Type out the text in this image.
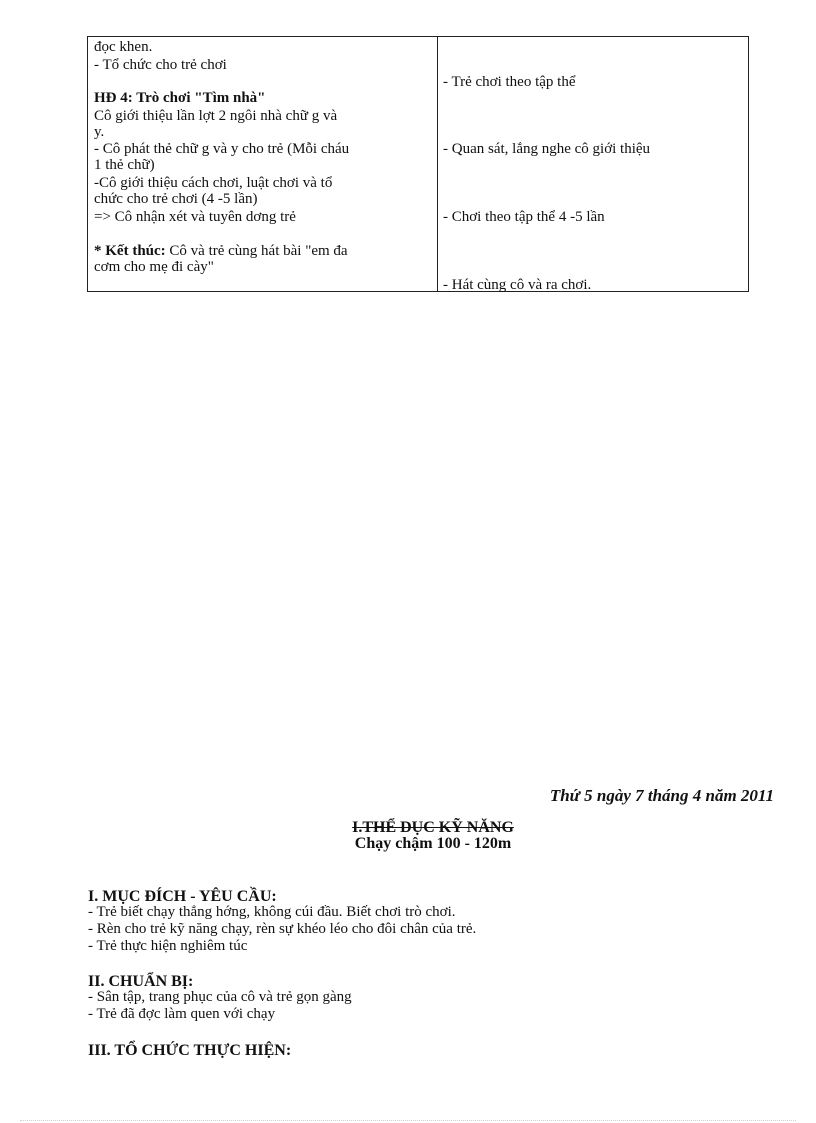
đọc khen.
- Tổ chức cho trẻ chơi
HĐ 4: Trò chơi "Tìm nhà"
Cô giới thiệu lần lợt 2 ngôi nhà chữ g và
y.
- Cô phát thẻ chữ g và y cho trẻ (Mỗi cháu
1 thẻ chữ)
-Cô giới thiệu cách chơi, luật chơi và tổ
chức cho trẻ chơi (4 -5 lần)
=> Cô nhận xét và tuyên dơng trẻ
* Kết thúc: Cô và trẻ cùng hát bài "em đa
cơm cho mẹ đi cày"
- Trẻ chơi theo tập thể
- Quan sát, lắng nghe cô giới thiệu
- Chơi theo tập thể 4 -5 lần
- Hát cùng cô và ra chơi.
Thứ 5 ngày 7 tháng 4 năm 2011
I.THỂ DỤC KỸ NĂNG
Chạy chậm 100 - 120m
I. MỤC ĐÍCH - YÊU CẦU:
- Trẻ biết chạy thẳng hớng, không cúi đầu. Biết chơi trò chơi.
- Rèn cho trẻ kỹ năng chạy, rèn sự khéo léo cho đôi chân của trẻ.
- Trẻ thực hiện nghiêm túc
II. CHUẨN BỊ:
- Sân tập, trang phục của cô và trẻ gọn gàng
- Trẻ đã đợc làm quen với chạy
III. TỔ CHỨC THỰC HIỆN:
